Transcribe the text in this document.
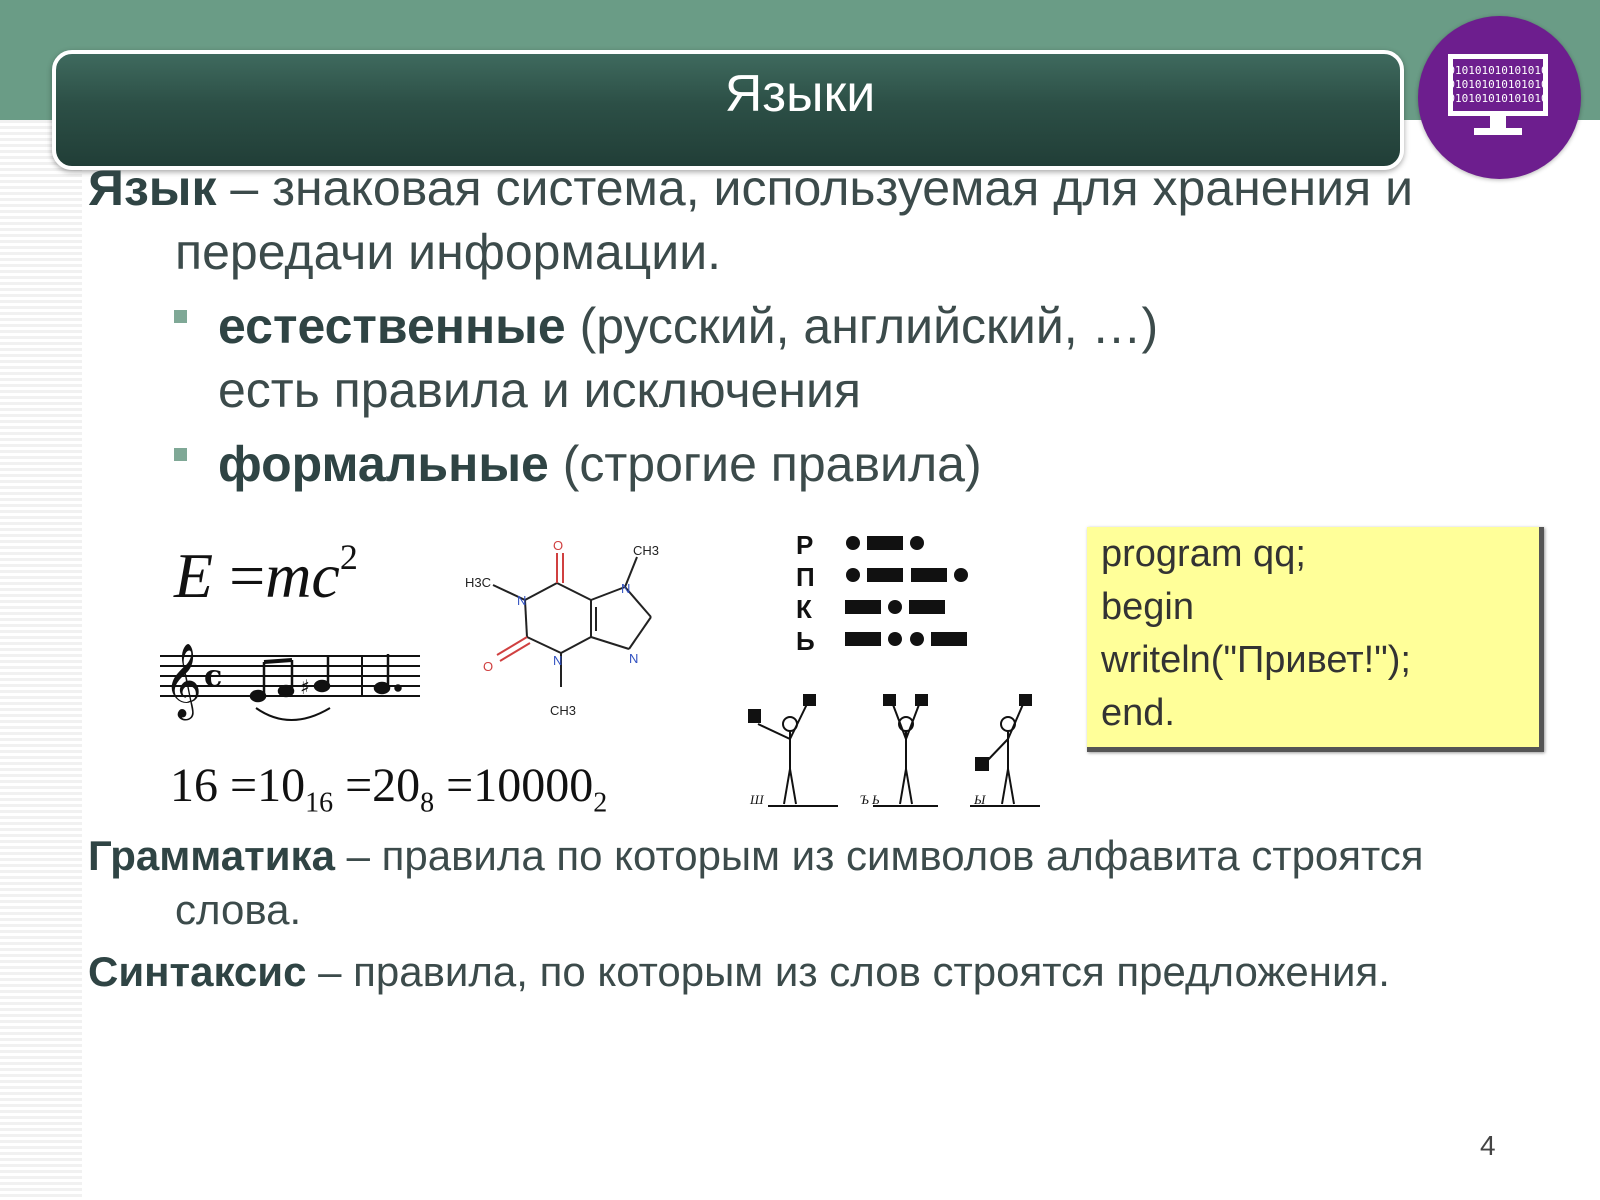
Языки	010101010101010
010101010101010
010101010101010

Язык – знаковая система, используемая для хранения и

передачи информации.

естественные (русский, английский, …)

есть правила и исключения

формальные (строгие правила)

$E =mc^2$
𝄞 c	♯
$16 =10_{16} =20_8 =10000_2$
O	CH3
H3C
N
N
O
N
N
CH3
Р
П
К
Ь
Ш	Ъ Ь	Ы
program qq;
begin
writeln("Привет!");
end.

Грамматика – правила по которым из символов алфавита строятся

слова.

Синтаксис – правила, по которым из слов строятся предложения.

4
